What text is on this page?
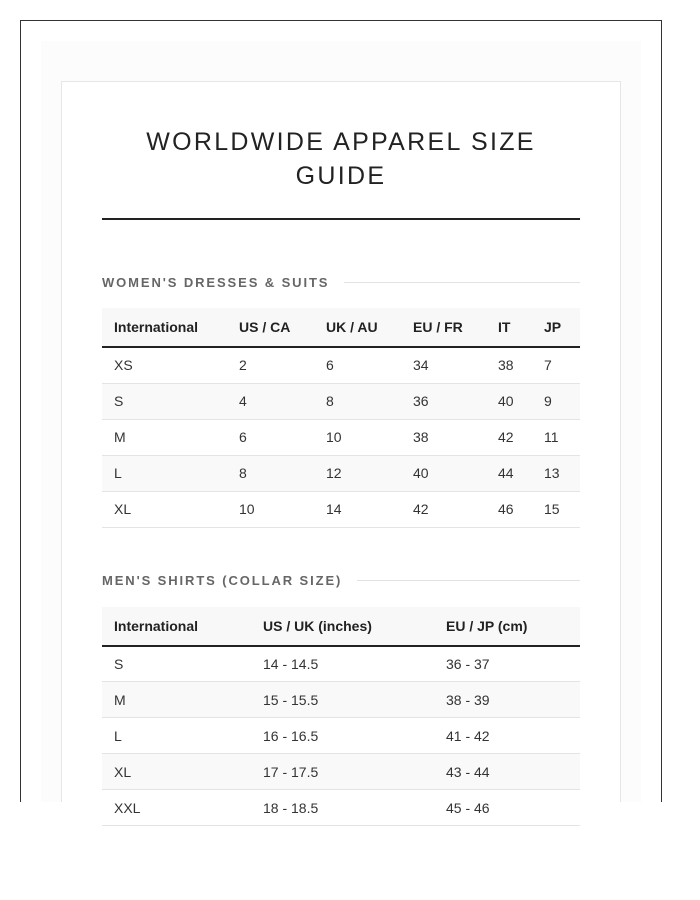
WORLDWIDE APPAREL SIZE GUIDE
WOMEN'S DRESSES & SUITS
International	US / CA	UK / AU	EU / FR	IT	JP
XS	2	6	34	38	7
S	4	8	36	40	9
M	6	10	38	42	11
L	8	12	40	44	13
XL	10	14	42	46	15
MEN'S SHIRTS (COLLAR SIZE)
International	US / UK (inches)	EU / JP (cm)
S	14 - 14.5	36 - 37
M	15 - 15.5	38 - 39
L	16 - 16.5	41 - 42
XL	17 - 17.5	43 - 44
XXL	18 - 18.5	45 - 46
